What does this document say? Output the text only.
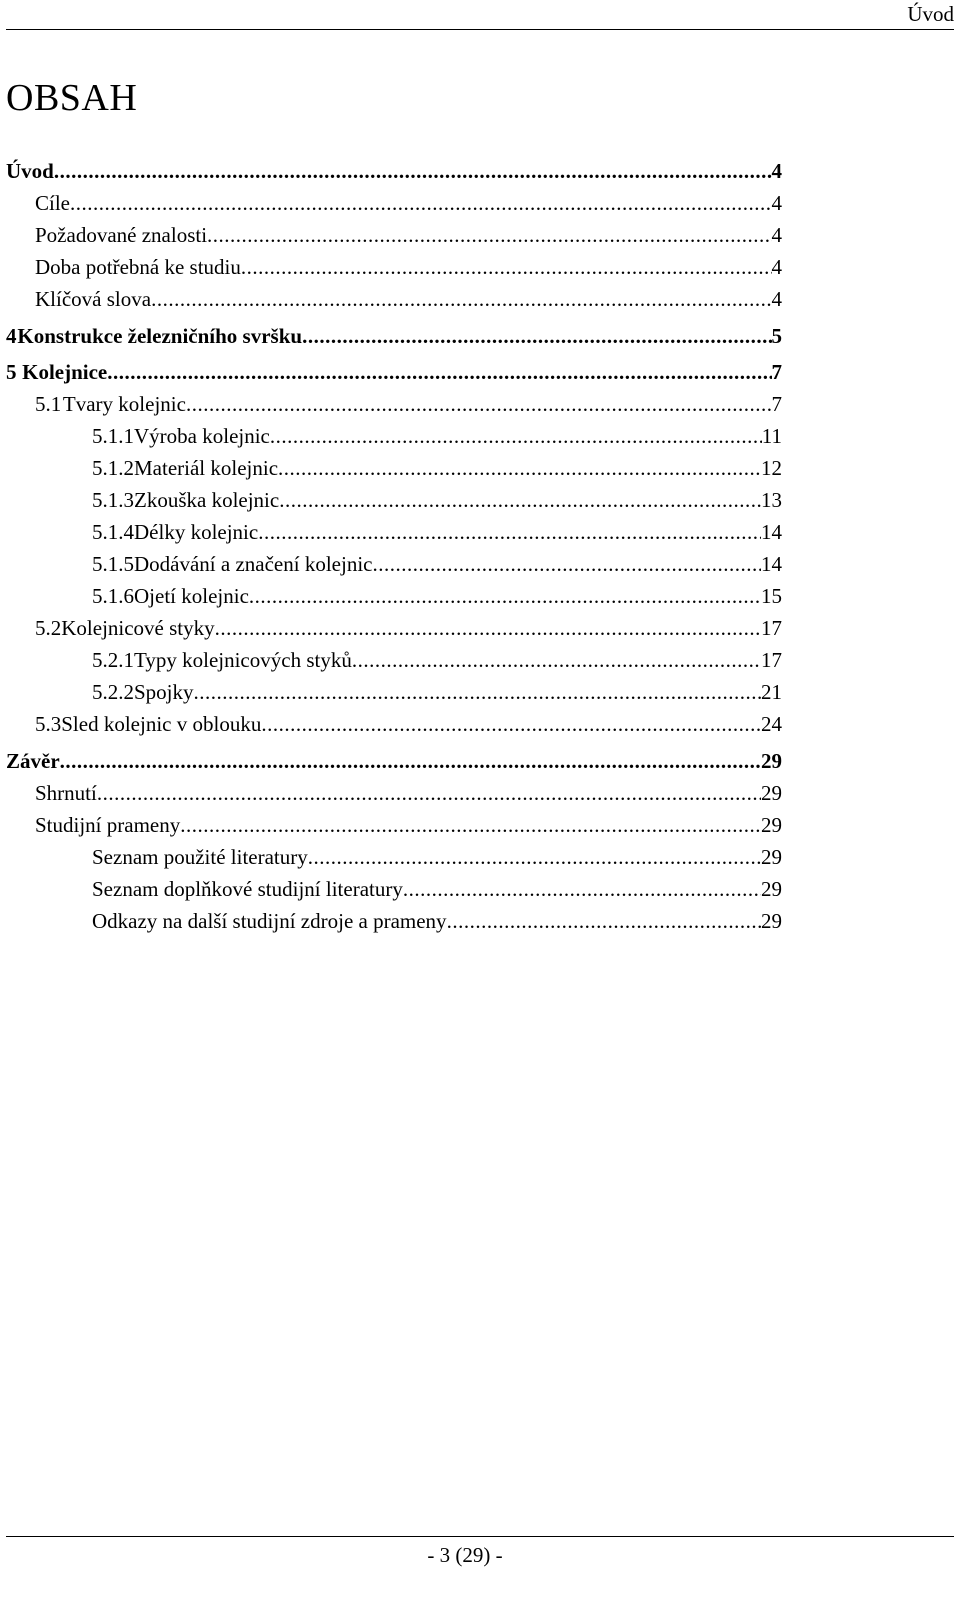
Úvod
OBSAH
Úvod .....	4
Cíle .....	4
Požadované znalosti .....	4
Doba potřebná ke studiu .....	4
Klíčová slova .....	4
4 Konstrukce železničního svršku .....	5
5 Kolejnice .....	7
5.1 Tvary kolejnic .....	7
5.1.1 Výroba kolejnic .....	11
5.1.2 Materiál kolejnic .....	12
5.1.3 Zkouška kolejnic .....	13
5.1.4 Délky kolejnic .....	14
5.1.5 Dodávání a značení kolejnic .....	14
5.1.6 Ojetí kolejnic .....	15
5.2 Kolejnicové styky .....	17
5.2.1 Typy kolejnicových styků .....	17
5.2.2 Spojky .....	21
5.3 Sled kolejnic v oblouku .....	24
Závěr .....	29
Shrnutí .....	29
Studijní prameny .....	29
Seznam použité literatury .....	29
Seznam doplňkové studijní literatury .....	29
Odkazy na další studijní zdroje a prameny .....	29
- 3 (29) -
